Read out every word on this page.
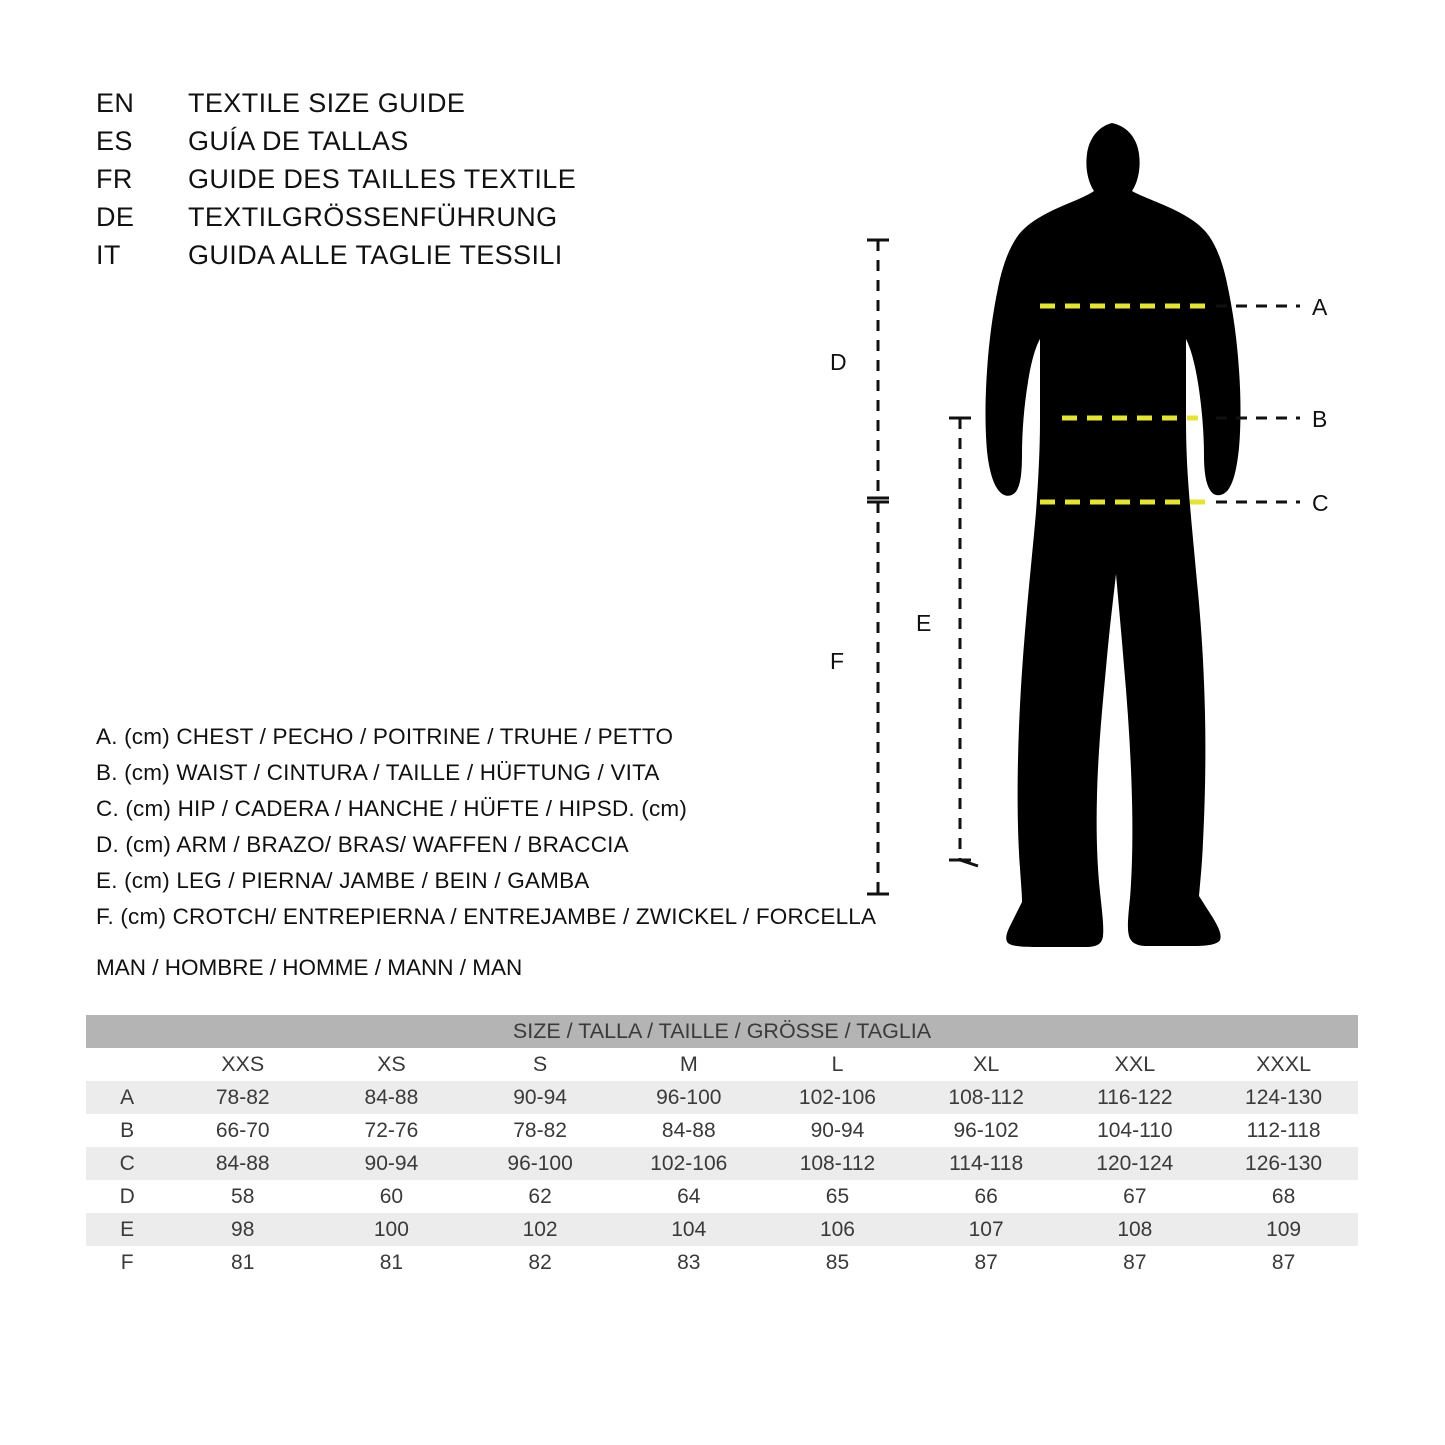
EN	TEXTILE SIZE GUIDE
ES	GUÍA DE TALLAS
FR	GUIDE DES TAILLES TEXTILE
DE	TEXTILGRÖSSENFÜHRUNG
IT	GUIDA ALLE TAGLIE TESSILI
A. (cm) CHEST / PECHO / POITRINE / TRUHE / PETTO
B. (cm) WAIST / CINTURA / TAILLE / HÜFTUNG / VITA
C. (cm) HIP / CADERA / HANCHE / HÜFTE / HIPSD. (cm)
D. (cm) ARM / BRAZO/ BRAS/ WAFFEN / BRACCIA
E. (cm) LEG / PIERNA/ JAMBE / BEIN / GAMBA
F. (cm) CROTCH/ ENTREPIERNA / ENTREJAMBE / ZWICKEL / FORCELLA
MAN / HOMBRE / HOMME / MANN / MAN
D
F
E
A
B
C
SIZE / TALLA / TAILLE / GRÖSSE / TAGLIA								
	XXS	XS	S	M	L	XL	XXL	XXXL
A	78-82	84-88	90-94	96-100	102-106	108-112	116-122	124-130
B	66-70	72-76	78-82	84-88	90-94	96-102	104-110	112-118
C	84-88	90-94	96-100	102-106	108-112	114-118	120-124	126-130
D	58	60	62	64	65	66	67	68
E	98	100	102	104	106	107	108	109
F	81	81	82	83	85	87	87	87
